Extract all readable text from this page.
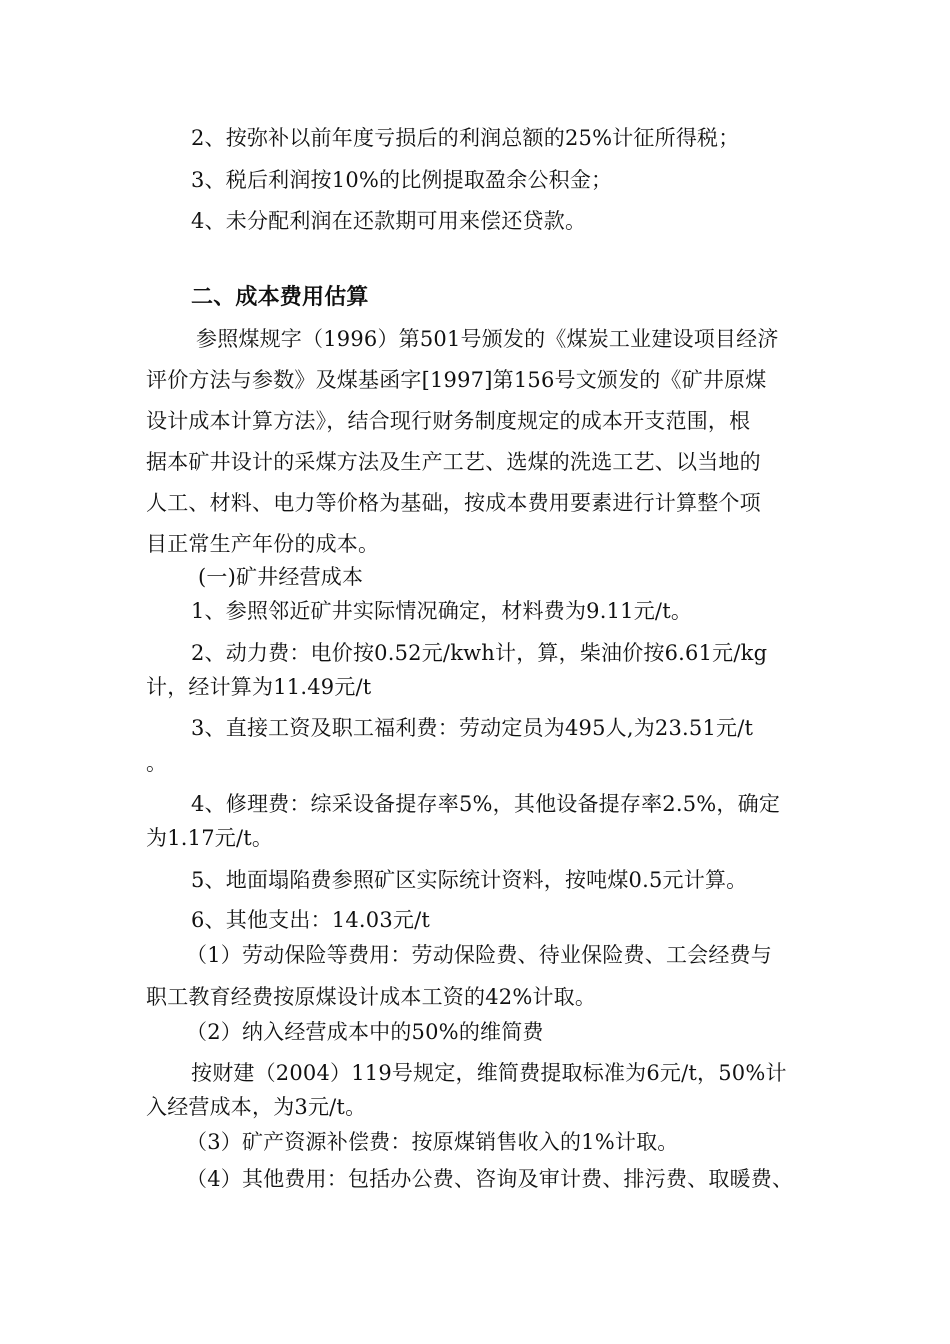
2、按弥补以前年度亏损后的利润总额的25%计征所得税；
3、税后利润按10%的比例提取盈余公积金；
4、未分配利润在还款期可用来偿还贷款。
二、成本费用估算
参照煤规字（1996）第501号颁发的《煤炭工业建设项目经济
评价方法与参数》及煤基函字[1997]第156号文颁发的《矿井原煤
设计成本计算方法》，结合现行财务制度规定的成本开支范围，根
据本矿井设计的采煤方法及生产工艺、选煤的洗选工艺、以当地的
人工、材料、电力等价格为基础，按成本费用要素进行计算整个项
目正常生产年份的成本。
(一)矿井经营成本
1、参照邻近矿井实际情况确定，材料费为9.11元/t。
2、动力费：电价按0.52元/kwh计，算，柴油价按6.61元/kg
计，经计算为11.49元/t
3、直接工资及职工福利费：劳动定员为495人,为23.51元/t
。
4、修理费：综采设备提存率5%，其他设备提存率2.5%，确定
为1.17元/t。
5、地面塌陷费参照矿区实际统计资料，按吨煤0.5元计算。
6、其他支出：14.03元/t
（1）劳动保险等费用：劳动保险费、待业保险费、工会经费与
职工教育经费按原煤设计成本工资的42%计取。
（2）纳入经营成本中的50%的维简费
按财建（2004）119号规定，维简费提取标准为6元/t，50%计
入经营成本，为3元/t。
（3）矿产资源补偿费：按原煤销售收入的1%计取。
（4）其他费用：包括办公费、咨询及审计费、排污费、取暖费、
